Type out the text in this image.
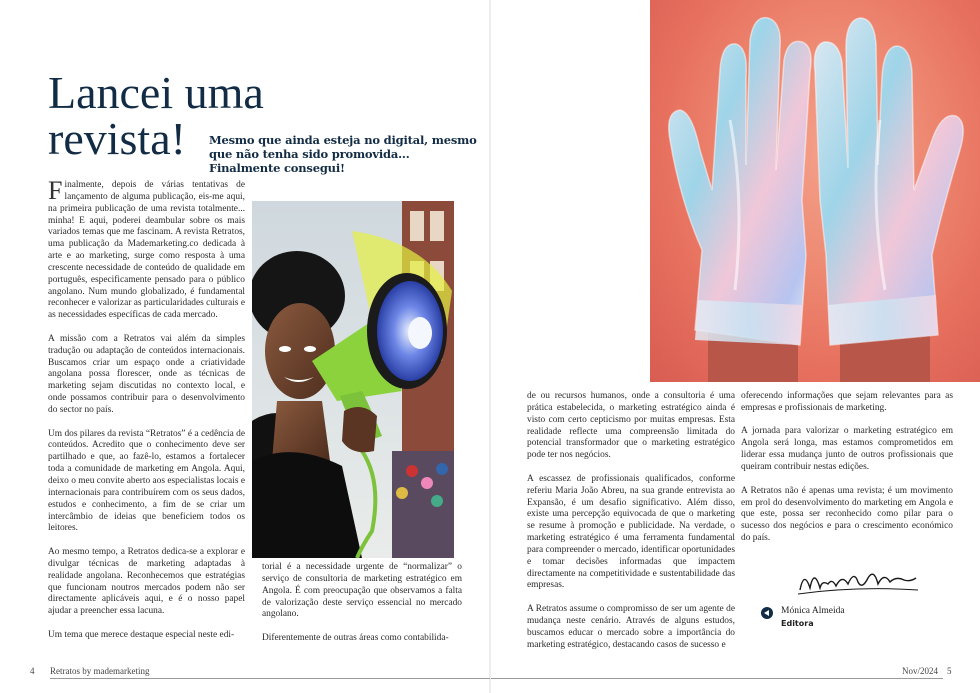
Lancei uma revista!	Mesmo que ainda esteja no digital, mesmo que não tenha sido promovida... Finalmente consegui!

Finalmente, depois de várias tentativas de lançamento de alguma publicação, eis-me aqui, na primeira publicação de uma revista totalmente... minha! E aqui, poderei deambular sobre os mais variados temas que me fascinam. A revista Retratos, uma publicação da Mademarketing.co dedicada à arte e ao marketing, surge como resposta à uma crescente necessidade de conteúdo de qualidade em português, especificamente pensado para o público angolano. Num mundo globalizado, é fundamental reconhecer e valorizar as particularidades culturais e as necessidades específicas de cada mercado.

A missão com a Retratos vai além da simples tradução ou adaptação de conteúdos internacionais. Buscamos criar um espaço onde a criatividade angolana possa florescer, onde as técnicas de marketing sejam discutidas no contexto local, e onde possamos contribuir para o desenvolvimento do sector no país.

Um dos pilares da revista “Retratos” é a cedência de conteúdos. Acredito que o conhecimento deve ser partilhado e que, ao fazê-lo, estamos a fortalecer toda a comunidade de marketing em Angola. Aqui, deixo o meu convite aberto aos especialistas locais e internacionais para contribuírem com os seus dados, estudos e conhecimento, a fim de se criar um intercâmbio de ideias que beneficiem todos os leitores.

Ao mesmo tempo, a Retratos dedica-se a explorar e divulgar técnicas de marketing adaptadas à realidade angolana. Reconhecemos que estratégias que funcionam noutros mercados podem não ser directamente aplicáveis aqui, e é o nosso papel ajudar a preencher essa lacuna.

Um tema que merece destaque especial neste edi-

torial é a necessidade urgente de “normalizar” o serviço de consultoria de marketing estratégico em Angola. É com preocupação que observamos a falta de valorização deste serviço essencial no mercado angolano.

Diferentemente de outras áreas como contabilida-

de ou recursos humanos, onde a consultoria é uma prática estabelecida, o marketing estratégico ainda é visto com certo cepticismo por muitas empresas. Esta realidade reflecte uma compreensão limitada do potencial transformador que o marketing estratégico pode ter nos negócios.

A escassez de profissionais qualificados, conforme referiu Maria João Abreu, na sua grande entrevista ao Expansão, é um desafio significativo. Além disso, existe uma percepção equivocada de que o marketing se resume à promoção e publicidade. Na verdade, o marketing estratégico é uma ferramenta fundamental para compreender o mercado, identificar oportunidades e tomar decisões informadas que impactem directamente na competitividade e sustentabilidade das empresas.

A Retratos assume o compromisso de ser um agente de mudança neste cenário. Através de alguns estudos, buscamos educar o mercado sobre a importância do marketing estratégico, destacando casos de sucesso e

oferecendo informações que sejam relevantes para as empresas e profissionais de marketing.

A jornada para valorizar o marketing estratégico em Angola será longa, mas estamos comprometidos em liderar essa mudança junto de outros profissionais que queiram contribuir nestas edições.

A Retratos não é apenas uma revista; é um movimento em prol do desenvolvimento do marketing em Angola e que este, possa ser reconhecido como pilar para o sucesso dos negócios e para o crescimento económico do país.

Mónica Almeida
Editora
4 Retratos by mademarketing	Nov/2024 5
